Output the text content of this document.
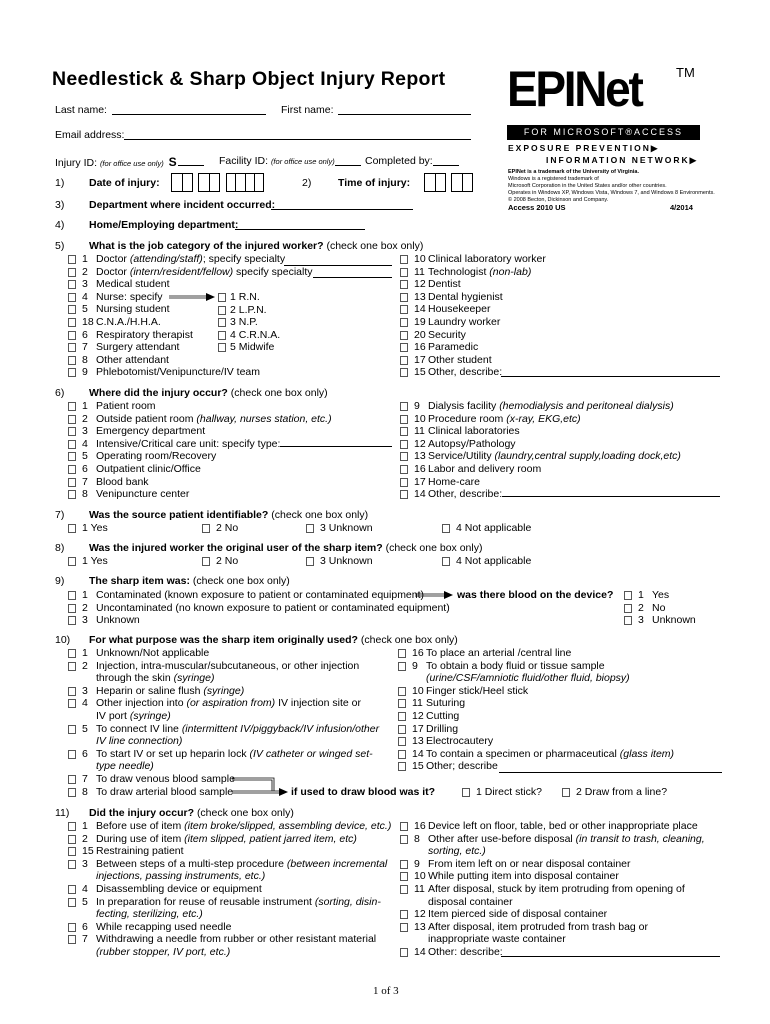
Needlestick & Sharp Object Injury Report EPINet	TM
FOR MICROSOFT®ACCESS
EXPOSURE PREVENTION▶
INFORMATION NETWORK▶
EPINet is a trademark of the University of Virginia.
Windows is a registered trademark of
Microsoft Corporation in the United States and/or other countries.
Operates in Windows XP, Windows Vista, Windows 7, and Windows 8 Environments.
© 2008 Becton, Dickinson and Company.
Access 2010 US	4/2014
Last name:	First name:
Email address:
Injury ID: (for office use only) S	Facility ID: (for office use only)	Completed by:
1) Date of injury:	2)	Time of injury:
3) Department where incident occurred:
4) Home/Employing department:
5) What is the job category of the injured worker? (check one box only)
1 Doctor (attending/staff); specify specialty
2 Doctor (intern/resident/fellow) specify specialty
3 Medical student
4 Nurse: specify
5 Nursing student
18 C.N.A./H.H.A.
6 Respiratory therapist
7 Surgery attendant
8 Other attendant
9 Phlebotomist/Venipuncture/IV team
1 R.N.
2 L.P.N.
3 N.P.
4 C.R.N.A.
5 Midwife
10 Clinical laboratory worker
11 Technologist (non-lab)
12 Dentist
13 Dental hygienist
14 Housekeeper
19 Laundry worker
20 Security
16 Paramedic
17 Other student
15 Other, describe:
6) Where did the injury occur? (check one box only)
1 Patient room
2 Outside patient room (hallway, nurses station, etc.)
3 Emergency department
4 Intensive/Critical care unit: specify type:
5 Operating room/Recovery
6 Outpatient clinic/Office
7 Blood bank
8 Venipuncture center
9 Dialysis facility (hemodialysis and peritoneal dialysis)
10 Procedure room (x-ray, EKG,etc)
11 Clinical laboratories
12 Autopsy/Pathology
13 Service/Utility (laundry,central supply,loading dock,etc)
16 Labor and delivery room
17 Home-care
14 Other, describe:
7) Was the source patient identifiable? (check one box only)
1 Yes	2 No	3 Unknown	4 Not applicable
8) Was the injured worker the original user of the sharp item? (check one box only)
1 Yes	2 No	3 Unknown	4 Not applicable
9) The sharp item was: (check one box only)
1 Contaminated (known exposure to patient or contaminated equipment)
2 Uncontaminated (no known exposure to patient or contaminated equipment)
3 Unknown
was there blood on the device? 1 Yes
2 No
3 Unknown
10) For what purpose was the sharp item originally used? (check one box only)
1 Unknown/Not applicable
2 Injection, intra-muscular/subcutaneous, or other injection
through the skin (syringe)
3 Heparin or saline flush (syringe)
4 Other injection into (or aspiration from) IV injection site or
IV port (syringe)
5 To connect IV line (intermittent IV/piggyback/IV infusion/other
IV line connection)
6 To start IV or set up heparin lock (IV catheter or winged set-
type needle)
7 To draw venous blood sample
8 To draw arterial blood sample
16 To place an arterial /central line
9 To obtain a body fluid or tissue sample
(urine/CSF/amniotic fluid/other fluid, biopsy)
10 Finger stick/Heel stick
11 Suturing
12 Cutting
17 Drilling
13 Electrocautery
14 To contain a specimen or pharmaceutical (glass item)
15 Other; describe
if used to draw blood was it?	1 Direct stick?	2 Draw from a line?
11) Did the injury occur? (check one box only)
1 Before use of item (item broke/slipped, assembling device, etc.)
2 During use of item (item slipped, patient jarred item, etc)
15 Restraining patient
3 Between steps of a multi-step procedure (between incremental
injections, passing instruments, etc.)
4 Disassembling device or equipment
5 In preparation for reuse of reusable instrument (sorting, disin-
fecting, sterilizing, etc.)
6 While recapping used needle
7 Withdrawing a needle from rubber or other resistant material
(rubber stopper, IV port, etc.)
16 Device left on floor, table, bed or other inappropriate place
8 Other after use-before disposal (in transit to trash, cleaning,
sorting, etc.)
9 From item left on or near disposal container
10 While putting item into disposal container
11 After disposal, stuck by item protruding from opening of
disposal container
12 Item pierced side of disposal container
13 After disposal, item protruded from trash bag or
inappropriate waste container
14 Other: describe:
1 of 3
